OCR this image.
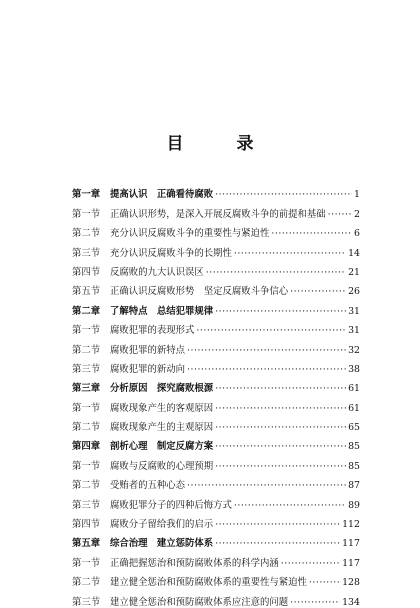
目　录
第一章	提高认识　正确看待腐败 ·····	1
第一节	正确认识形势，是深入开展反腐败斗争的前提和基础 ·····	2
第二节	充分认识反腐败斗争的重要性与紧迫性 ·····	6
第三节	充分认识反腐败斗争的长期性 ·····	14
第四节	反腐败的九大认识误区 ·····	21
第五节	正确认识反腐败形势　坚定反腐败斗争信心 ·····	26
第二章	了解特点　总结犯罪规律 ·····	31
第一节	腐败犯罪的表现形式 ·····	31
第二节	腐败犯罪的新特点 ·····	32
第三节	腐败犯罪的新动向 ·····	38
第三章	分析原因　探究腐败根源 ·····	61
第一节	腐败现象产生的客观原因 ·····	61
第二节	腐败现象产生的主观原因 ·····	65
第四章	剖析心理　制定反腐方案 ·····	85
第一节	腐败与反腐败的心理预期 ·····	85
第二节	受贿者的五种心态 ·····	87
第三节	腐败犯罪分子的四种后悔方式 ·····	89
第四节	腐败分子留给我们的启示 ·····	112
第五章	综合治理　建立惩防体系 ·····	117
第一节	正确把握惩治和预防腐败体系的科学内涵 ·····	117
第二节	建立健全惩治和预防腐败体系的重要性与紧迫性 ·····	128
第三节	建立健全惩治和预防腐败体系应注意的问题 ·····	134
